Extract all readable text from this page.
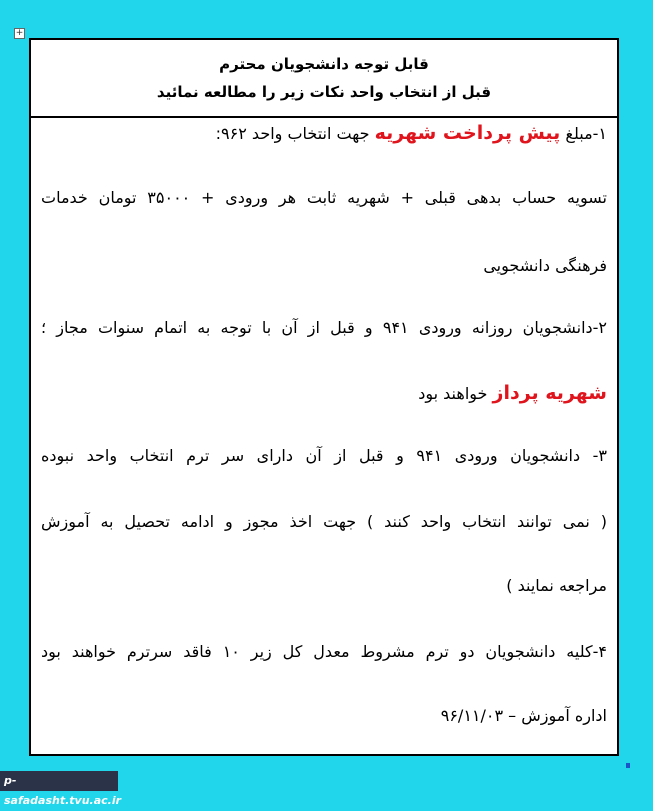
+
قابل توجه دانشجویان محترم
قبل از انتخاب واحد نکات زیر را مطالعه نمائید
۱-مبلغ پیش پرداخت شهریه جهت انتخاب واحد ۹۶۲:
تسویه حساب بدهی قبلی + شهریه ثابت هر ورودی + ۳۵۰۰۰ تومان خدمات
فرهنگی دانشجویی
۲-دانشجویان روزانه ورودی ۹۴۱ و قبل از آن با توجه به اتمام سنوات مجاز ؛
شهریه پرداز خواهند بود
۳- دانشجویان ورودی ۹۴۱ و قبل از آن دارای سر ترم انتخاب واحد نبوده
( نمی توانند انتخاب واحد کنند ) جهت اخذ مجوز و ادامه تحصیل به آموزش
مراجعه نمایند )
۴-کلیه دانشجویان دو ترم مشروط معدل کل زیر ۱۰ فاقد سرترم خواهند بود
اداره آموزش – ۹۶/۱۱/۰۳
p-safadasht.tvu.ac.ir
